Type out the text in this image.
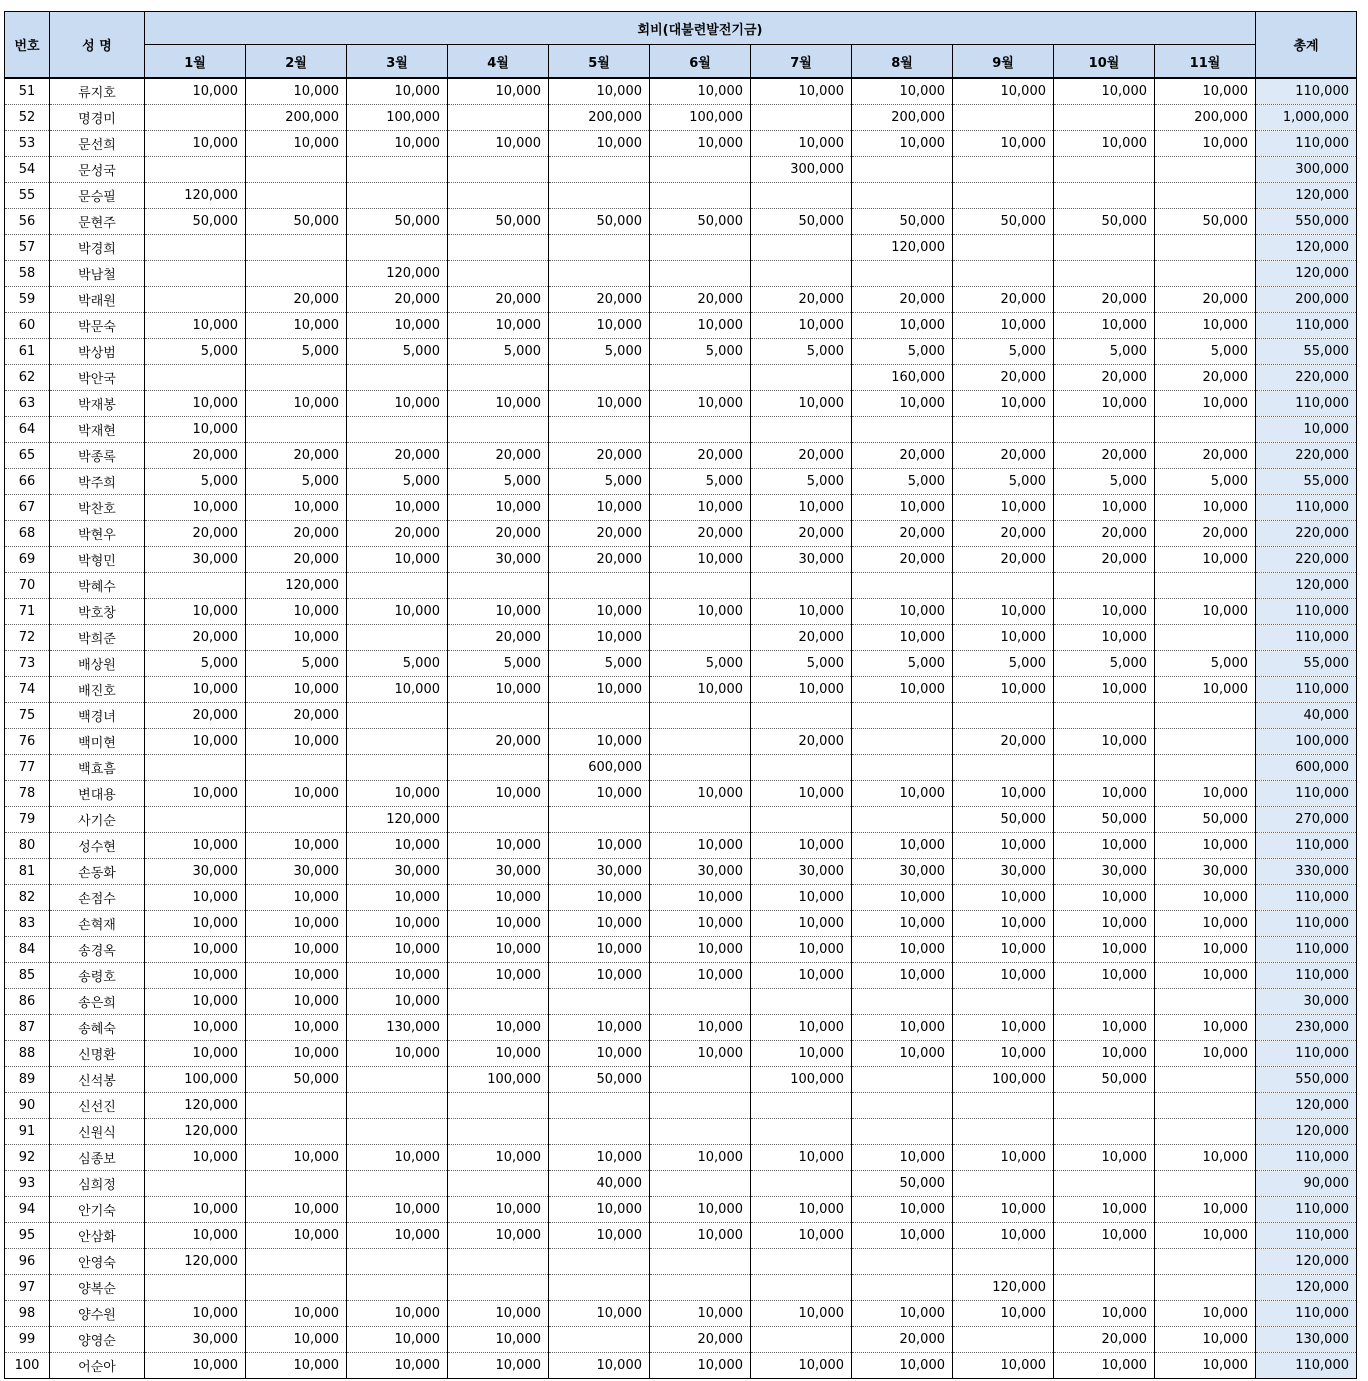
번호	성 명	회비(대불련발전기금)											총계
		1월	2월	3월	4월	5월	6월	7월	8월	9월	10월	11월	
51	류지호	10,000	10,000	10,000	10,000	10,000	10,000	10,000	10,000	10,000	10,000	10,000	110,000
52	명경미		200,000	100,000		200,000	100,000		200,000			200,000	1,000,000
53	문선희	10,000	10,000	10,000	10,000	10,000	10,000	10,000	10,000	10,000	10,000	10,000	110,000
54	문성국							300,000					300,000
55	문승필	120,000											120,000
56	문현주	50,000	50,000	50,000	50,000	50,000	50,000	50,000	50,000	50,000	50,000	50,000	550,000
57	박경희								120,000				120,000
58	박남철			120,000									120,000
59	박래원		20,000	20,000	20,000	20,000	20,000	20,000	20,000	20,000	20,000	20,000	200,000
60	박문숙	10,000	10,000	10,000	10,000	10,000	10,000	10,000	10,000	10,000	10,000	10,000	110,000
61	박상범	5,000	5,000	5,000	5,000	5,000	5,000	5,000	5,000	5,000	5,000	5,000	55,000
62	박안국								160,000	20,000	20,000	20,000	220,000
63	박재봉	10,000	10,000	10,000	10,000	10,000	10,000	10,000	10,000	10,000	10,000	10,000	110,000
64	박재현	10,000											10,000
65	박종록	20,000	20,000	20,000	20,000	20,000	20,000	20,000	20,000	20,000	20,000	20,000	220,000
66	박주희	5,000	5,000	5,000	5,000	5,000	5,000	5,000	5,000	5,000	5,000	5,000	55,000
67	박찬호	10,000	10,000	10,000	10,000	10,000	10,000	10,000	10,000	10,000	10,000	10,000	110,000
68	박현우	20,000	20,000	20,000	20,000	20,000	20,000	20,000	20,000	20,000	20,000	20,000	220,000
69	박형민	30,000	20,000	10,000	30,000	20,000	10,000	30,000	20,000	20,000	20,000	10,000	220,000
70	박혜수		120,000										120,000
71	박호창	10,000	10,000	10,000	10,000	10,000	10,000	10,000	10,000	10,000	10,000	10,000	110,000
72	박희준	20,000	10,000		20,000	10,000		20,000	10,000	10,000	10,000		110,000
73	배상원	5,000	5,000	5,000	5,000	5,000	5,000	5,000	5,000	5,000	5,000	5,000	55,000
74	배진호	10,000	10,000	10,000	10,000	10,000	10,000	10,000	10,000	10,000	10,000	10,000	110,000
75	백경녀	20,000	20,000										40,000
76	백미현	10,000	10,000		20,000	10,000		20,000		20,000	10,000		100,000
77	백효흠					600,000							600,000
78	변대용	10,000	10,000	10,000	10,000	10,000	10,000	10,000	10,000	10,000	10,000	10,000	110,000
79	사기순			120,000						50,000	50,000	50,000	270,000
80	성수현	10,000	10,000	10,000	10,000	10,000	10,000	10,000	10,000	10,000	10,000	10,000	110,000
81	손동화	30,000	30,000	30,000	30,000	30,000	30,000	30,000	30,000	30,000	30,000	30,000	330,000
82	손점수	10,000	10,000	10,000	10,000	10,000	10,000	10,000	10,000	10,000	10,000	10,000	110,000
83	손혁재	10,000	10,000	10,000	10,000	10,000	10,000	10,000	10,000	10,000	10,000	10,000	110,000
84	송경옥	10,000	10,000	10,000	10,000	10,000	10,000	10,000	10,000	10,000	10,000	10,000	110,000
85	송령호	10,000	10,000	10,000	10,000	10,000	10,000	10,000	10,000	10,000	10,000	10,000	110,000
86	송은희	10,000	10,000	10,000									30,000
87	송혜숙	10,000	10,000	130,000	10,000	10,000	10,000	10,000	10,000	10,000	10,000	10,000	230,000
88	신명환	10,000	10,000	10,000	10,000	10,000	10,000	10,000	10,000	10,000	10,000	10,000	110,000
89	신석봉	100,000	50,000		100,000	50,000		100,000		100,000	50,000		550,000
90	신선진	120,000											120,000
91	신원식	120,000											120,000
92	심종보	10,000	10,000	10,000	10,000	10,000	10,000	10,000	10,000	10,000	10,000	10,000	110,000
93	심희정					40,000			50,000				90,000
94	안기숙	10,000	10,000	10,000	10,000	10,000	10,000	10,000	10,000	10,000	10,000	10,000	110,000
95	안삼화	10,000	10,000	10,000	10,000	10,000	10,000	10,000	10,000	10,000	10,000	10,000	110,000
96	안영숙	120,000											120,000
97	양복순									120,000			120,000
98	양수원	10,000	10,000	10,000	10,000	10,000	10,000	10,000	10,000	10,000	10,000	10,000	110,000
99	양영순	30,000	10,000	10,000	10,000		20,000		20,000		20,000	10,000	130,000
100	어순아	10,000	10,000	10,000	10,000	10,000	10,000	10,000	10,000	10,000	10,000	10,000	110,000
